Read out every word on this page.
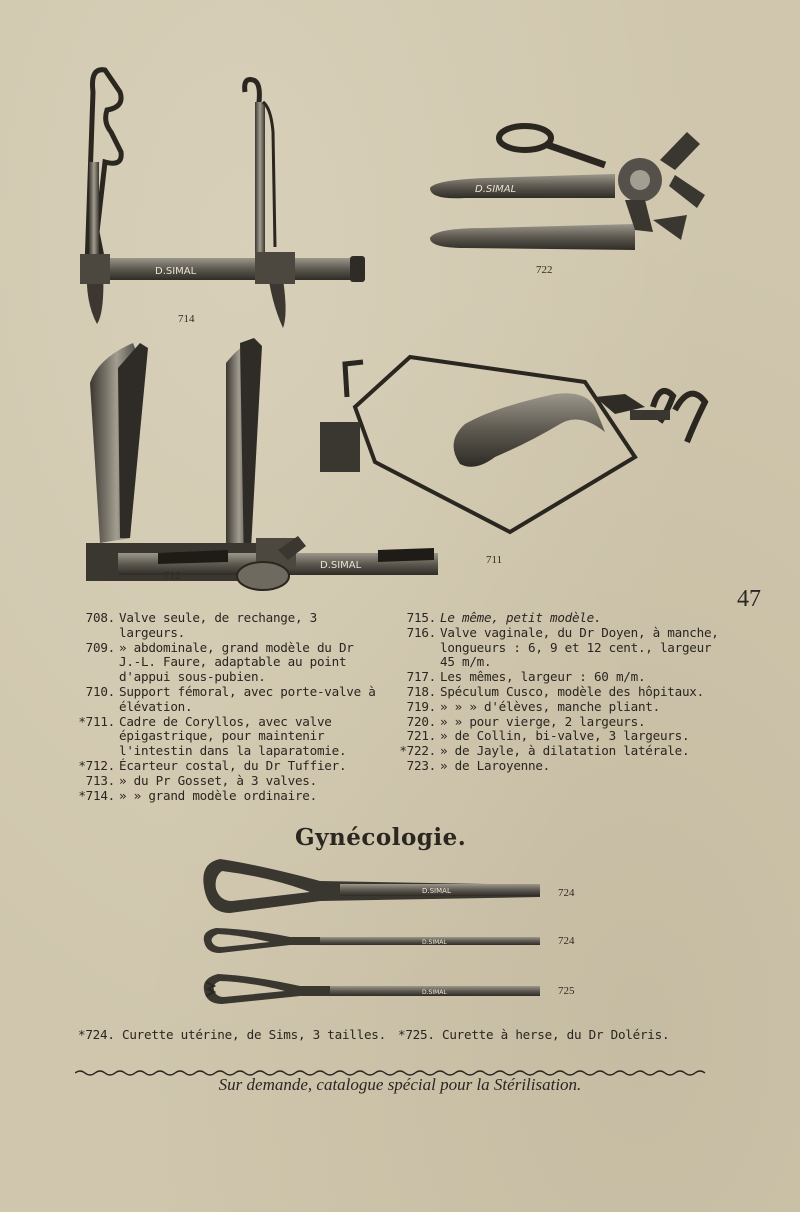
D.SIMAL
714
D.SIMAL
722
D.SIMAL
712
711
47
708. Valve seule, de rechange, 3 largeurs.
709. » abdominale, grand modèle du Dr J.-L. Faure, adaptable au point d'appui sous-pubien.
710. Support fémoral, avec porte-valve à élévation.
*711. Cadre de Coryllos, avec valve épigastrique, pour maintenir l'intestin dans la laparatomie.
*712. Écarteur costal, du Dr Tuffier.
713. » du Pr Gosset, à 3 valves.
*714. » » grand modèle ordinaire.
715. Le même, petit modèle.
716. Valve vaginale, du Dr Doyen, à manche, longueurs : 6, 9 et 12 cent., largeur 45 m/m.
717. Les mêmes, largeur : 60 m/m.
718. Spéculum Cusco, modèle des hôpitaux.
719. » » » d'élèves, manche pliant.
720. » » pour vierge, 2 largeurs.
721. » de Collin, bi-valve, 3 largeurs.
*722. » de Jayle, à dilatation latérale.
723. » de Laroyenne.
Gynécologie.
D.SIMAL	724
D.SIMAL	724
D.SIMAL	725
*724. Curette utérine, de Sims, 3 tailles. *725. Curette à herse, du Dr Doléris.
Sur demande, catalogue spécial pour la Stérilisation.
